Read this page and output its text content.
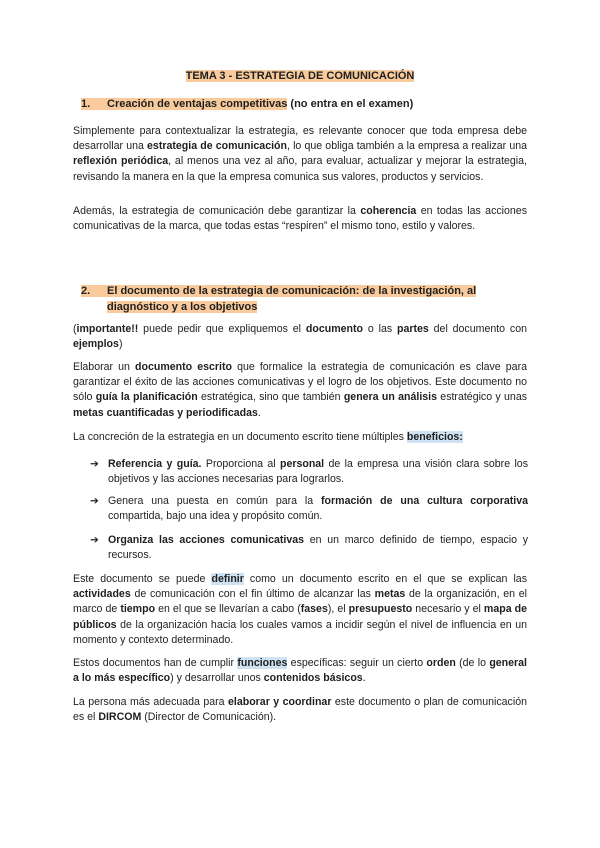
TEMA 3 - ESTRATEGIA DE COMUNICACIÓN
1. Creación de ventajas competitivas (no entra en el examen)
Simplemente para contextualizar la estrategia, es relevante conocer que toda empresa debe desarrollar una estrategia de comunicación, lo que obliga también a la empresa a realizar una reflexión periódica, al menos una vez al año, para evaluar, actualizar y mejorar la estrategia, revisando la manera en la que la empresa comunica sus valores, productos y servicios.
Además, la estrategia de comunicación debe garantizar la coherencia en todas las acciones comunicativas de la marca, que todas estas “respiren” el mismo tono, estilo y valores.
2. El documento de la estrategia de comunicación: de la investigación, al
diagnóstico y a los objetivos
(importante!! puede pedir que expliquemos el documento o las partes del documento con ejemplos)
Elaborar un documento escrito que formalice la estrategia de comunicación es clave para garantizar el éxito de las acciones comunicativas y el logro de los objetivos. Este documento no sólo guía la planificación estratégica, sino que también genera un análisis estratégico y unas metas cuantificadas y periodificadas.
La concreción de la estrategia en un documento escrito tiene múltiples beneficios:
➔ Referencia y guía. Proporciona al personal de la empresa una visión clara sobre los objetivos y las acciones necesarias para lograrlos.
➔ Genera una puesta en común para la formación de una cultura corporativa compartida, bajo una idea y propósito común.
➔ Organiza las acciones comunicativas en un marco definido de tiempo, espacio y recursos.
Este documento se puede definir como un documento escrito en el que se explican las actividades de comunicación con el fin último de alcanzar las metas de la organización, en el marco de tiempo en el que se llevarían a cabo (fases), el presupuesto necesario y el mapa de públicos de la organización hacia los cuales vamos a incidir según el nivel de influencia en un momento y contexto determinado.
Estos documentos han de cumplir funciones específicas: seguir un cierto orden (de lo general a lo más específico) y desarrollar unos contenidos básicos.
La persona más adecuada para elaborar y coordinar este documento o plan de comunicación es el DIRCOM (Director de Comunicación).
